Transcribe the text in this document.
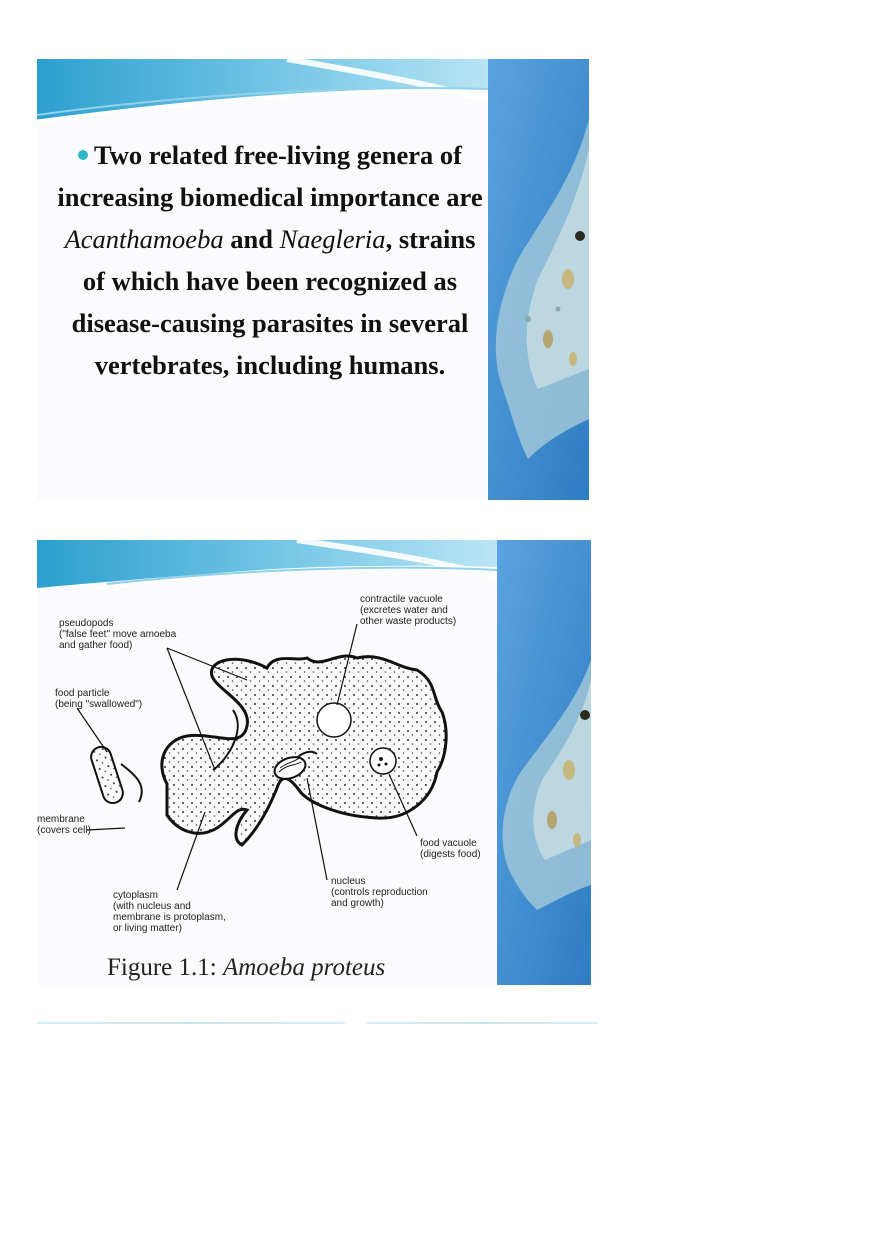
Two related free-living genera of increasing biomedical importance are Acanthamoeba and Naegleria, strains of which have been recognized as disease-causing parasites in several vertebrates, including humans.
pseudopods
("false feet" move amoeba
and gather food)
contractile vacuole
(excretes water and
other waste products)
food particle
(being "swallowed")
membrane
(covers cell)
food vacuole
(digests food)
nucleus
(controls reproduction
and growth)
cytoplasm
(with nucleus and
membrane is protoplasm,
or living matter)
Figure 1.1: Amoeba proteus
